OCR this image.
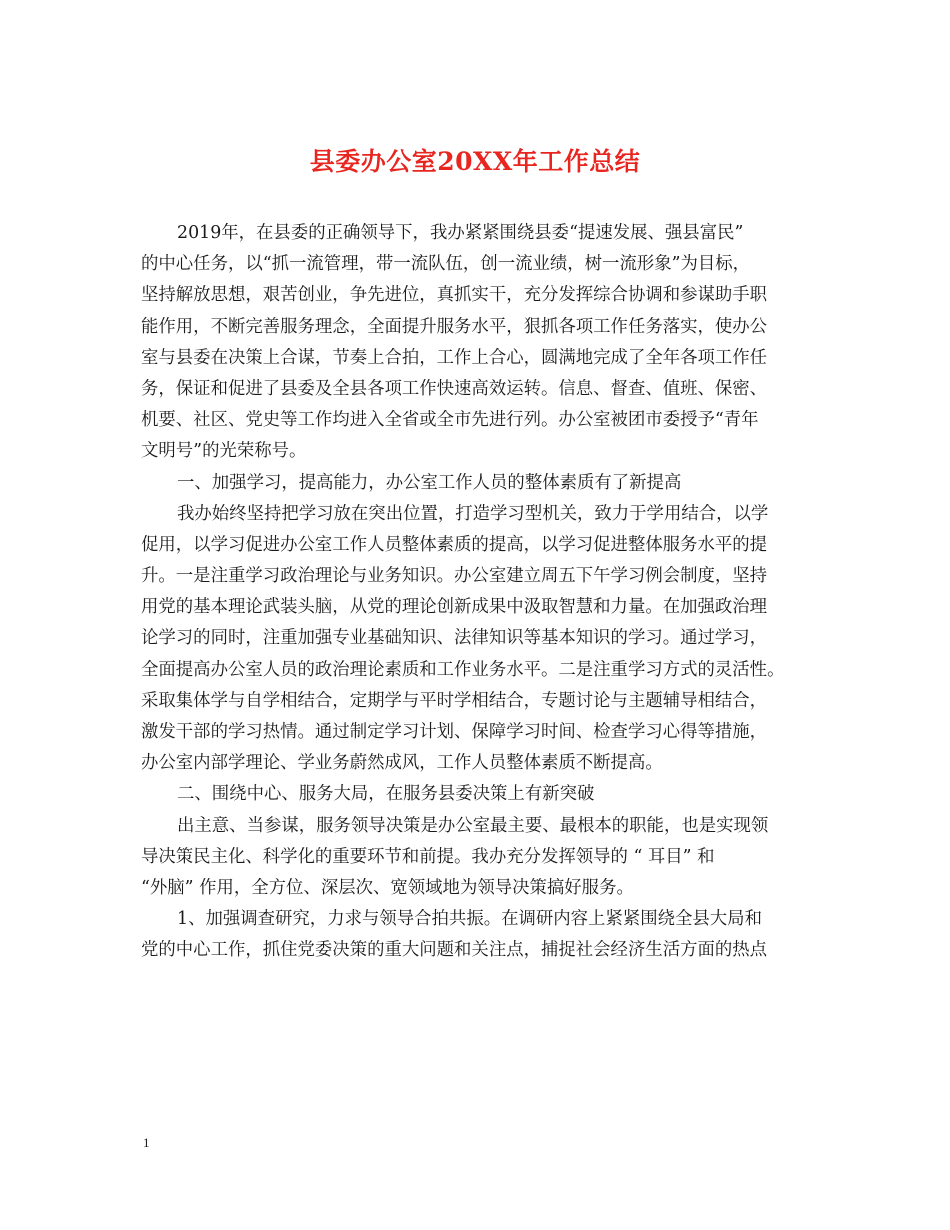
县委办公室20XX年工作总结
2019年，在县委的正确领导下，我办紧紧围绕县委“提速发展、强县富民”
的中心任务，以“抓一流管理，带一流队伍，创一流业绩，树一流形象”为目标，
坚持解放思想，艰苦创业，争先进位，真抓实干，充分发挥综合协调和参谋助手职
能作用，不断完善服务理念，全面提升服务水平，狠抓各项工作任务落实，使办公
室与县委在决策上合谋，节奏上合拍，工作上合心，圆满地完成了全年各项工作任
务，保证和促进了县委及全县各项工作快速高效运转。信息、督查、值班、保密、
机要、社区、党史等工作均进入全省或全市先进行列。办公室被团市委授予“青年
文明号”的光荣称号。
一、加强学习，提高能力，办公室工作人员的整体素质有了新提高
我办始终坚持把学习放在突出位置，打造学习型机关，致力于学用结合，以学
促用，以学习促进办公室工作人员整体素质的提高，以学习促进整体服务水平的提
升。一是注重学习政治理论与业务知识。办公室建立周五下午学习例会制度，坚持
用党的基本理论武装头脑，从党的理论创新成果中汲取智慧和力量。在加强政治理
论学习的同时，注重加强专业基础知识、法律知识等基本知识的学习。通过学习，
全面提高办公室人员的政治理论素质和工作业务水平。二是注重学习方式的灵活性。
采取集体学与自学相结合，定期学与平时学相结合，专题讨论与主题辅导相结合，
激发干部的学习热情。通过制定学习计划、保障学习时间、检查学习心得等措施，
办公室内部学理论、学业务蔚然成风，工作人员整体素质不断提高。
二、围绕中心、服务大局，在服务县委决策上有新突破
出主意、当参谋，服务领导决策是办公室最主要、最根本的职能，也是实现领
导决策民主化、科学化的重要环节和前提。我办充分发挥领导的 “ 耳目” 和
“外脑” 作用，全方位、深层次、宽领域地为领导决策搞好服务。
1、加强调查研究，力求与领导合拍共振。在调研内容上紧紧围绕全县大局和
党的中心工作，抓住党委决策的重大问题和关注点，捕捉社会经济生活方面的热点
1
